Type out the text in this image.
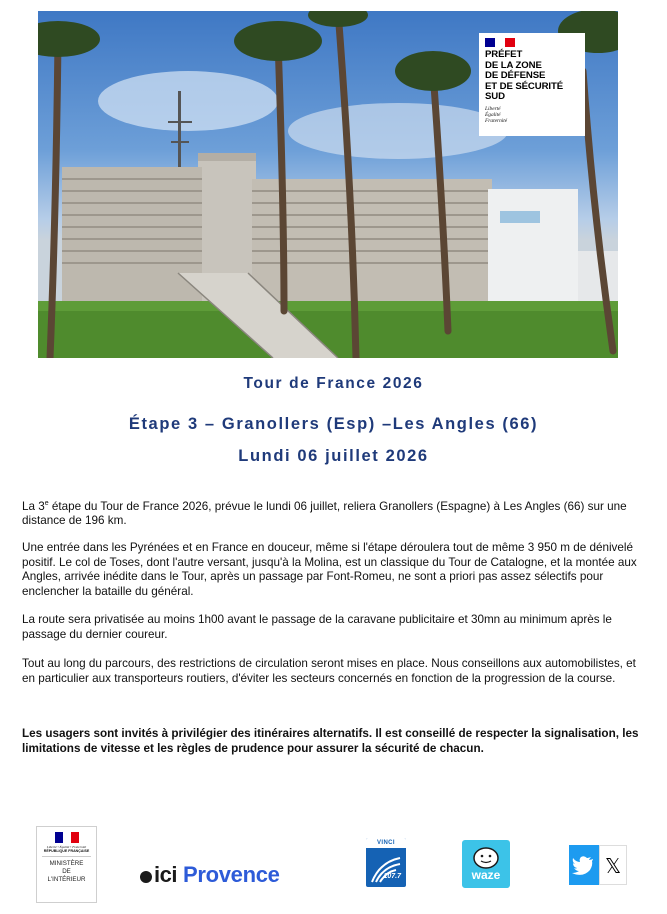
PRÉFET
DE LA ZONE
DE DÉFENSE
ET DE SÉCURITÉ
SUD
Liberté
Égalité
Fraternité
Tour de France 2026
Étape 3 – Granollers (Esp) –Les Angles (66)
Lundi 06 juillet 2026
La 3e étape du Tour de France 2026, prévue le lundi 06 juillet, reliera Granollers (Espagne) à Les Angles (66) sur une distance de 196 km.
Une entrée dans les Pyrénées et en France en douceur, même si l'étape déroulera tout de même 3 950 m de dénivelé positif. Le col de Toses, dont l'autre versant, jusqu'à la Molina, est un classique du Tour de Catalogne, et la montée aux Angles, arrivée inédite dans le Tour, après un passage par Font-Romeu, ne sont a priori pas assez sélectifs pour enclencher la bataille du général.
La route sera privatisée au moins 1h00 avant le passage de la caravane publicitaire et 30mn au minimum après le passage du dernier coureur.
Tout au long du parcours, des restrictions de circulation seront mises en place. Nous conseillons aux automobilistes, et en particulier aux transporteurs routiers, d'éviter les secteurs concernés en fonction de la progression de la course.
Les usagers sont invités à privilégier des itinéraires alternatifs. Il est conseillé de respecter la signalisation, les limitations de vitesse et les règles de prudence pour assurer la sécurité de chacun.
Liberté • Égalité • Fraternité
RÉPUBLIQUE FRANÇAISE
MINISTÈRE
DE
L'INTÉRIEUR	ici Provence
VINCI
107.7	waze	𝕏
